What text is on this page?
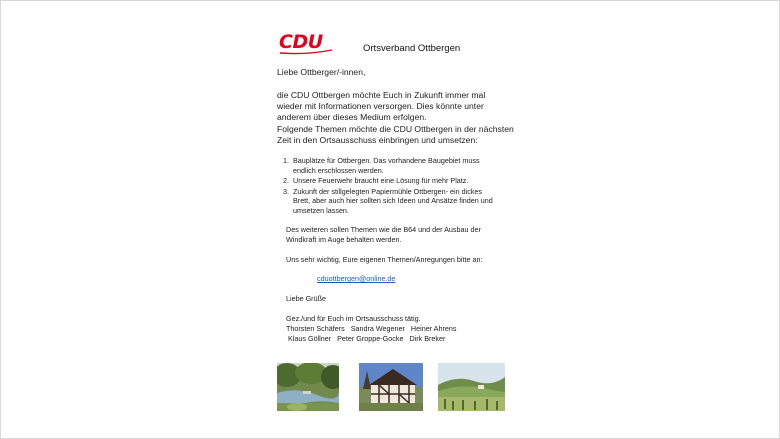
CDU	Ortsverband Ottbergen
Liebe Ottberger/-innen,
die CDU Ottbergen möchte Euch in Zukunft immer mal
wieder mit Informationen versorgen. Dies könnte unter
anderem über dieses Medium erfolgen.
Folgende Themen möchte die CDU Ottbergen in der nächsten
Zeit in den Ortsausschuss einbringen und umsetzen:
1. Bauplätze für Ottbergen. Das vorhandene Baugebiet muss
endlich erschlossen werden.
2. Unsere Feuerwehr braucht eine Lösung für mehr Platz.
3. Zukunft der stillgelegten Papiermühle Ottbergen- ein dickes
Brett, aber auch hier sollten sich Ideen und Ansätze finden und
umsetzen lassen.
Des weiteren sollen Themen wie die B64 und der Ausbau der
Windkraft im Auge behalten werden.
Uns sehr wichtig, Eure eigenen Themen/Anregungen bitte an:
cduottbergen@online.de
Liebe Grüße
Gez./und für Euch im Ortsausschuss tätig.
Thorsten Schäfers   Sandra Wegener   Heiner Ahrens
Klaus Göllner   Peter Groppe-Gocke   Dirk Breker
